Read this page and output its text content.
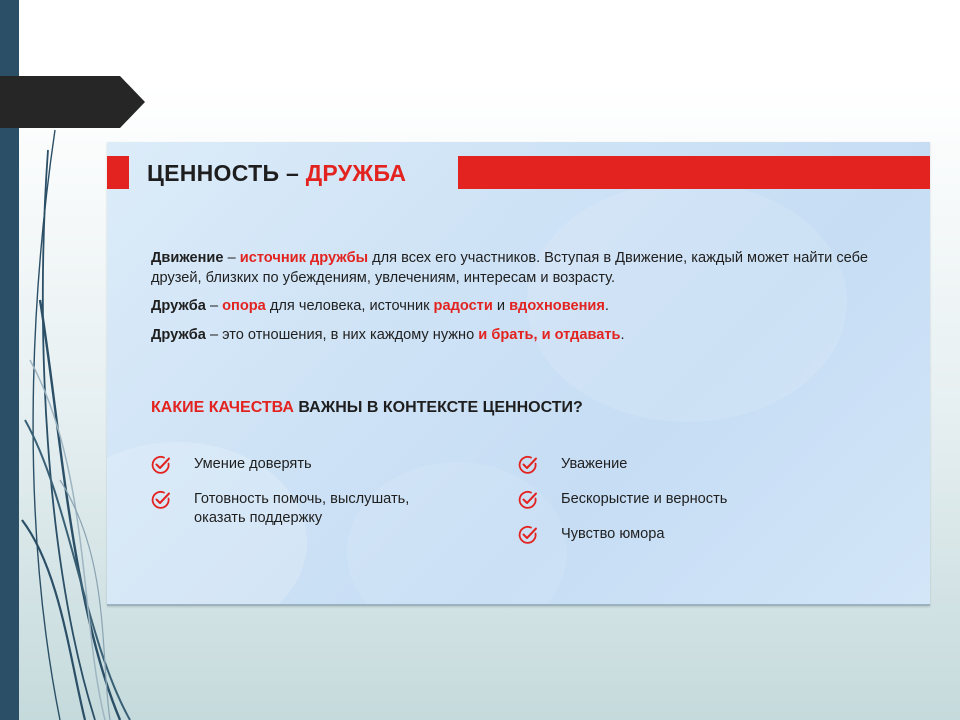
ЦЕННОСТЬ – ДРУЖБА
Движение – источник дружбы для всех его участников. Вступая в Движение, каждый может найти себе друзей, близких по убеждениям, увлечениям, интересам и возрасту.
Дружба – опора для человека, источник радости и вдохновения.
Дружба – это отношения, в них каждому нужно и брать, и отдавать.
КАКИЕ КАЧЕСТВА ВАЖНЫ В КОНТЕКСТЕ ЦЕННОСТИ?
Умение доверять
Готовность помочь, выслушать, оказать поддержку
Уважение
Бескорыстие и верность
Чувство юмора
